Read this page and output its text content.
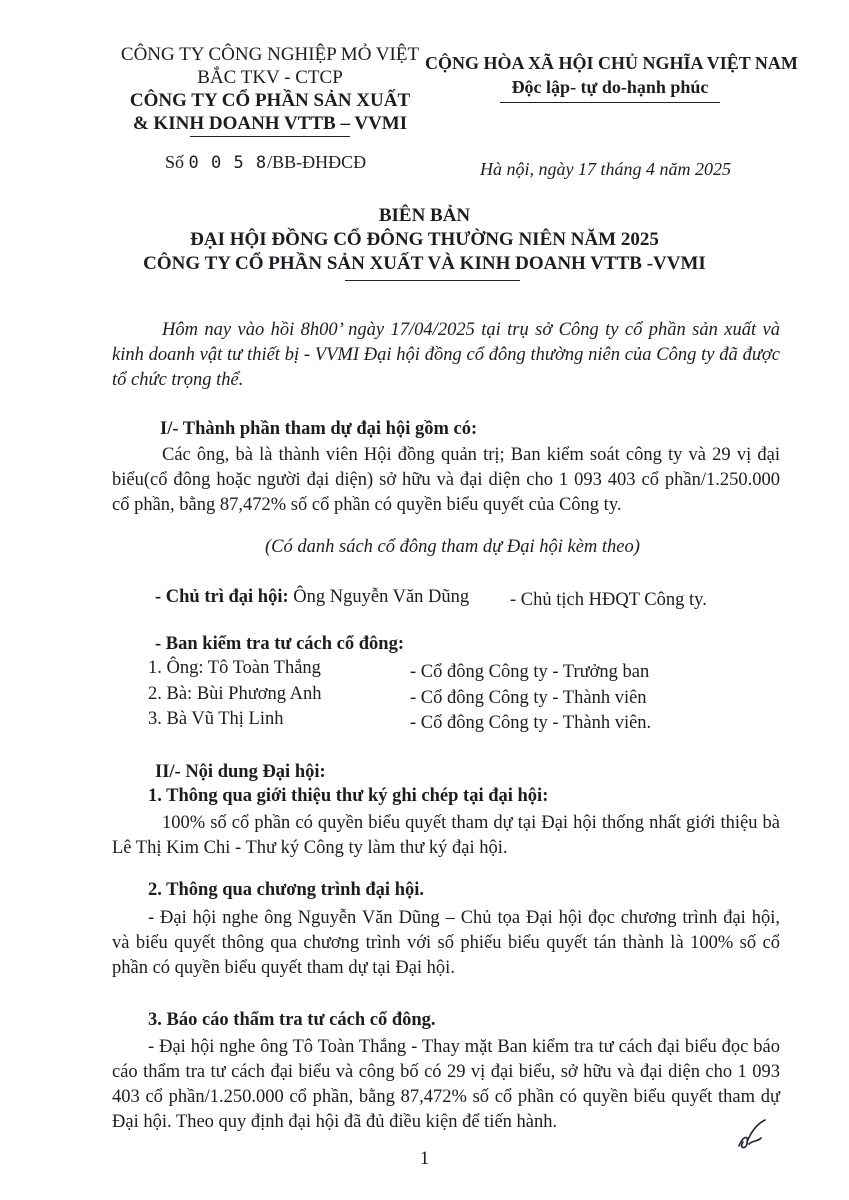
CÔNG TY CÔNG NGHIỆP MỎ VIỆT
BẮC TKV - CTCP
CÔNG TY CỔ PHẦN SẢN XUẤT
& KINH DOANH VTTB – VVMI
Số 0 0 5 8/BB-ĐHĐCĐ
CỘNG HÒA XÃ HỘI CHỦ NGHĨA VIỆT NAM
Độc lập- tự do-hạnh phúc
Hà nội, ngày 17 tháng 4 năm 2025
BIÊN BẢN
ĐẠI HỘI ĐỒNG CỔ ĐÔNG THƯỜNG NIÊN NĂM 2025
CÔNG TY CỔ PHẦN SẢN XUẤT VÀ KINH DOANH VTTB -VVMI
Hôm nay vào hồi 8h00’ ngày 17/04/2025 tại trụ sở Công ty cổ phần sản xuất và kinh doanh vật tư thiết bị - VVMI Đại hội đồng cổ đông thường niên của Công ty đã được tổ chức trọng thể.
I/- Thành phần tham dự đại hội gồm có:
Các ông, bà là thành viên Hội đồng quản trị; Ban kiểm soát công ty và 29 vị đại biểu(cổ đông hoặc người đại diện) sở hữu và đại diện cho 1 093 403 cổ phần/1.250.000 cổ phần, bằng 87,472% số cổ phần có quyền biểu quyết của Công ty.
(Có danh sách cổ đông tham dự Đại hội kèm theo)
- Chủ trì đại hội: Ông Nguyễn Văn Dũng - Chủ tịch HĐQT Công ty.
- Ban kiểm tra tư cách cổ đông:
1. Ông: Tô Toàn Thắng	- Cổ đông Công ty - Trưởng ban
2. Bà: Bùi Phương Anh	- Cổ đông Công ty - Thành viên
3. Bà Vũ Thị Linh	- Cổ đông Công ty - Thành viên.
II/- Nội dung Đại hội:
1. Thông qua giới thiệu thư ký ghi chép tại đại hội:
100% số cổ phần có quyền biểu quyết tham dự tại Đại hội thống nhất giới thiệu bà Lê Thị Kim Chi - Thư ký Công ty làm thư ký đại hội.
2. Thông qua chương trình đại hội.
- Đại hội nghe ông Nguyễn Văn Dũng – Chủ tọa Đại hội đọc chương trình đại hội, và biểu quyết thông qua chương trình với số phiếu biểu quyết tán thành là 100% số cổ phần có quyền biểu quyết tham dự tại Đại hội.
3. Báo cáo thẩm tra tư cách cổ đông.
- Đại hội nghe ông Tô Toàn Thắng - Thay mặt Ban kiểm tra tư cách đại biểu đọc báo cáo thẩm tra tư cách đại biểu và công bố có 29 vị đại biểu, sở hữu và đại diện cho 1 093 403 cổ phần/1.250.000 cổ phần, bằng 87,472% số cổ phần có quyền biểu quyết tham dự Đại hội. Theo quy định đại hội đã đủ điều kiện để tiến hành.
1
